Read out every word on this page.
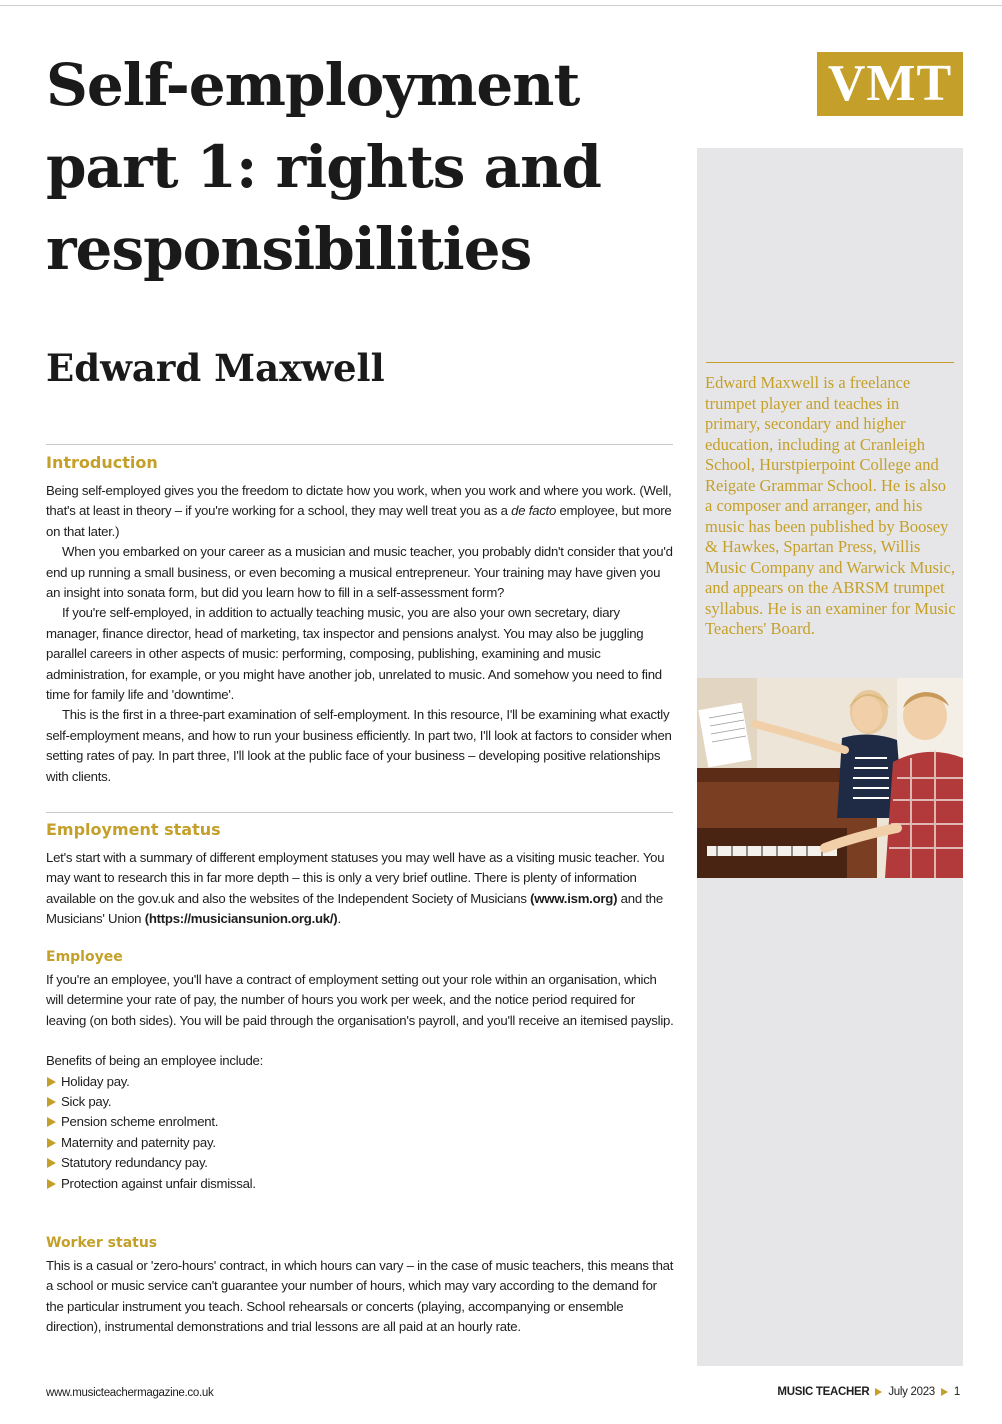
Self-employment part 1: rights and responsibilities
Edward Maxwell
VMT
Edward Maxwell is a freelance trumpet player and teaches in primary, secondary and higher education, including at Cranleigh School, Hurstpierpoint College and Reigate Grammar School. He is also a composer and arranger, and his music has been published by Boosey & Hawkes, Spartan Press, Willis Music Company and Warwick Music, and appears on the ABRSM trumpet syllabus. He is an examiner for Music Teachers' Board.
Introduction

Being self-employed gives you the freedom to dictate how you work, when you work and where you work. (Well, that's at least in theory – if you're working for a school, they may well treat you as a de facto employee, but more on that later.)

When you embarked on your career as a musician and music teacher, you probably didn't consider that you'd end up running a small business, or even becoming a musical entrepreneur. Your training may have given you an insight into sonata form, but did you learn how to fill in a self-assessment form?

If you're self-employed, in addition to actually teaching music, you are also your own secretary, diary manager, finance director, head of marketing, tax inspector and pensions analyst. You may also be juggling parallel careers in other aspects of music: performing, composing, publishing, examining and music administration, for example, or you might have another job, unrelated to music. And somehow you need to find time for family life and 'downtime'.

This is the first in a three-part examination of self-employment. In this resource, I'll be examining what exactly self-employment means, and how to run your business efficiently. In part two, I'll look at factors to consider when setting rates of pay. In part three, I'll look at the public face of your business – developing positive relationships with clients.

Employment status

Let's start with a summary of different employment statuses you may well have as a visiting music teacher. You may want to research this in far more depth – this is only a very brief outline. There is plenty of information available on the gov.uk and also the websites of the Independent Society of Musicians (www.ism.org) and the Musicians' Union (https://musiciansunion.org.uk/).

Employee

If you're an employee, you'll have a contract of employment setting out your role within an organisation, which will determine your rate of pay, the number of hours you work per week, and the notice period required for leaving (on both sides). You will be paid through the organisation's payroll, and you'll receive an itemised payslip.

Benefits of being an employee include:

Holiday pay.
Sick pay.
Pension scheme enrolment.
Maternity and paternity pay.
Statutory redundancy pay.
Protection against unfair dismissal.
Worker status

This is a casual or 'zero-hours' contract, in which hours can vary – in the case of music teachers, this means that a school or music service can't guarantee your number of hours, which may vary according to the demand for the particular instrument you teach. School rehearsals or concerts (playing, accompanying or ensemble direction), instrumental demonstrations and trial lessons are all paid at an hourly rate.

www.musicteachermagazine.co.uk	MUSIC TEACHER July 2023 1
